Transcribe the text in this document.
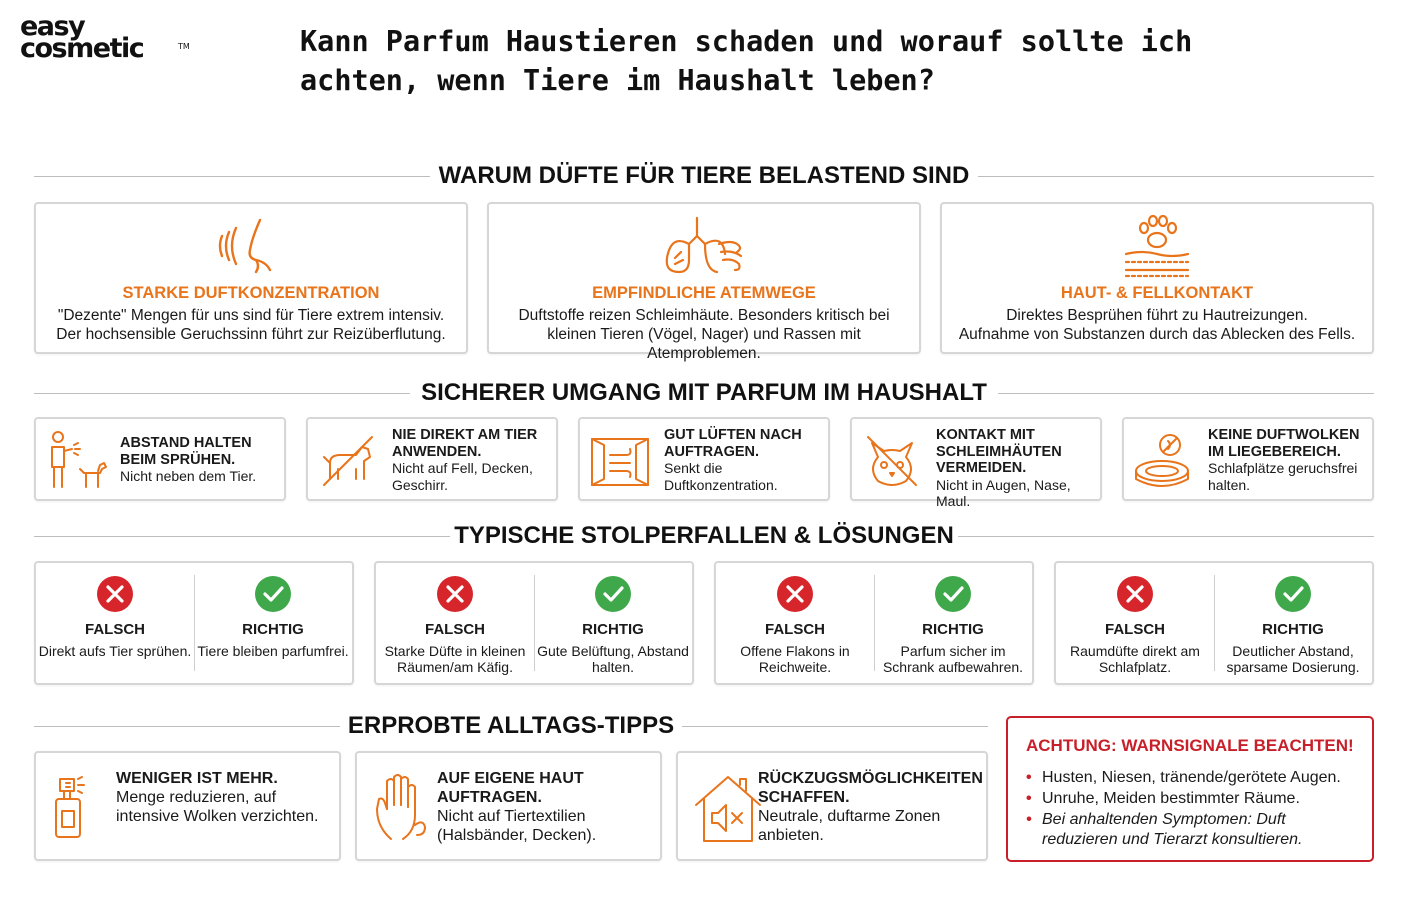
easy
cosmetic	TM	Kann Parfum Haustieren schaden und worauf sollte ich achten, wenn Tiere im Haushalt leben?
WARUM DÜFTE FÜR TIERE BELASTEND SIND
STARKE DUFTKONZENTRATION
"Dezente" Mengen für uns sind für Tiere extrem intensiv.
Der hochsensible Geruchssinn führt zur Reizüberflutung.
EMPFINDLICHE ATEMWEGE
Duftstoffe reizen Schleimhäute. Besonders kritisch bei
kleinen Tieren (Vögel, Nager) und Rassen mit Atemproblemen.
HAUT- & FELLKONTAKT
Direktes Besprühen führt zu Hautreizungen.
Aufnahme von Substanzen durch das Ablecken des Fells.
SICHERER UMGANG MIT PARFUM IM HAUSHALT
ABSTAND HALTEN BEIM SPRÜHEN.
Nicht neben dem Tier.
NIE DIREKT AM TIER ANWENDEN.
Nicht auf Fell, Decken, Geschirr.
GUT LÜFTEN NACH AUFTRAGEN.
Senkt die Duftkonzentration.
KONTAKT MIT SCHLEIMHÄUTEN VERMEIDEN.
Nicht in Augen, Nase, Maul.
KEINE DUFTWOLKEN IM LIEGEBEREICH.
Schlafplätze geruchsfrei halten.
TYPISCHE STOLPERFALLEN & LÖSUNGEN
FALSCH
Direkt aufs Tier sprühen.
RICHTIG
Tiere bleiben parfumfrei.
FALSCH
Starke Düfte in kleinen Räumen/am Käfig.
RICHTIG
Gute Belüftung, Abstand halten.
FALSCH
Offene Flakons in Reichweite.
RICHTIG
Parfum sicher im Schrank aufbewahren.
FALSCH
Raumdüfte direkt am Schlafplatz.
RICHTIG
Deutlicher Abstand, sparsame Dosierung.
ERPROBTE ALLTAGS-TIPPS
WENIGER IST MEHR.
Menge reduzieren, auf intensive Wolken verzichten.
AUF EIGENE HAUT AUFTRAGEN.
Nicht auf Tiertextilien (Halsbänder, Decken).
RÜCKZUGSMÖGLICHKEITEN SCHAFFEN.
Neutrale, duftarme Zonen anbieten.
ACHTUNG: WARNSIGNALE BEACHTEN!
• Husten, Niesen, tränende/gerötete Augen.
• Unruhe, Meiden bestimmter Räume.
• Bei anhaltenden Symptomen: Duft reduzieren und Tierarzt konsultieren.
